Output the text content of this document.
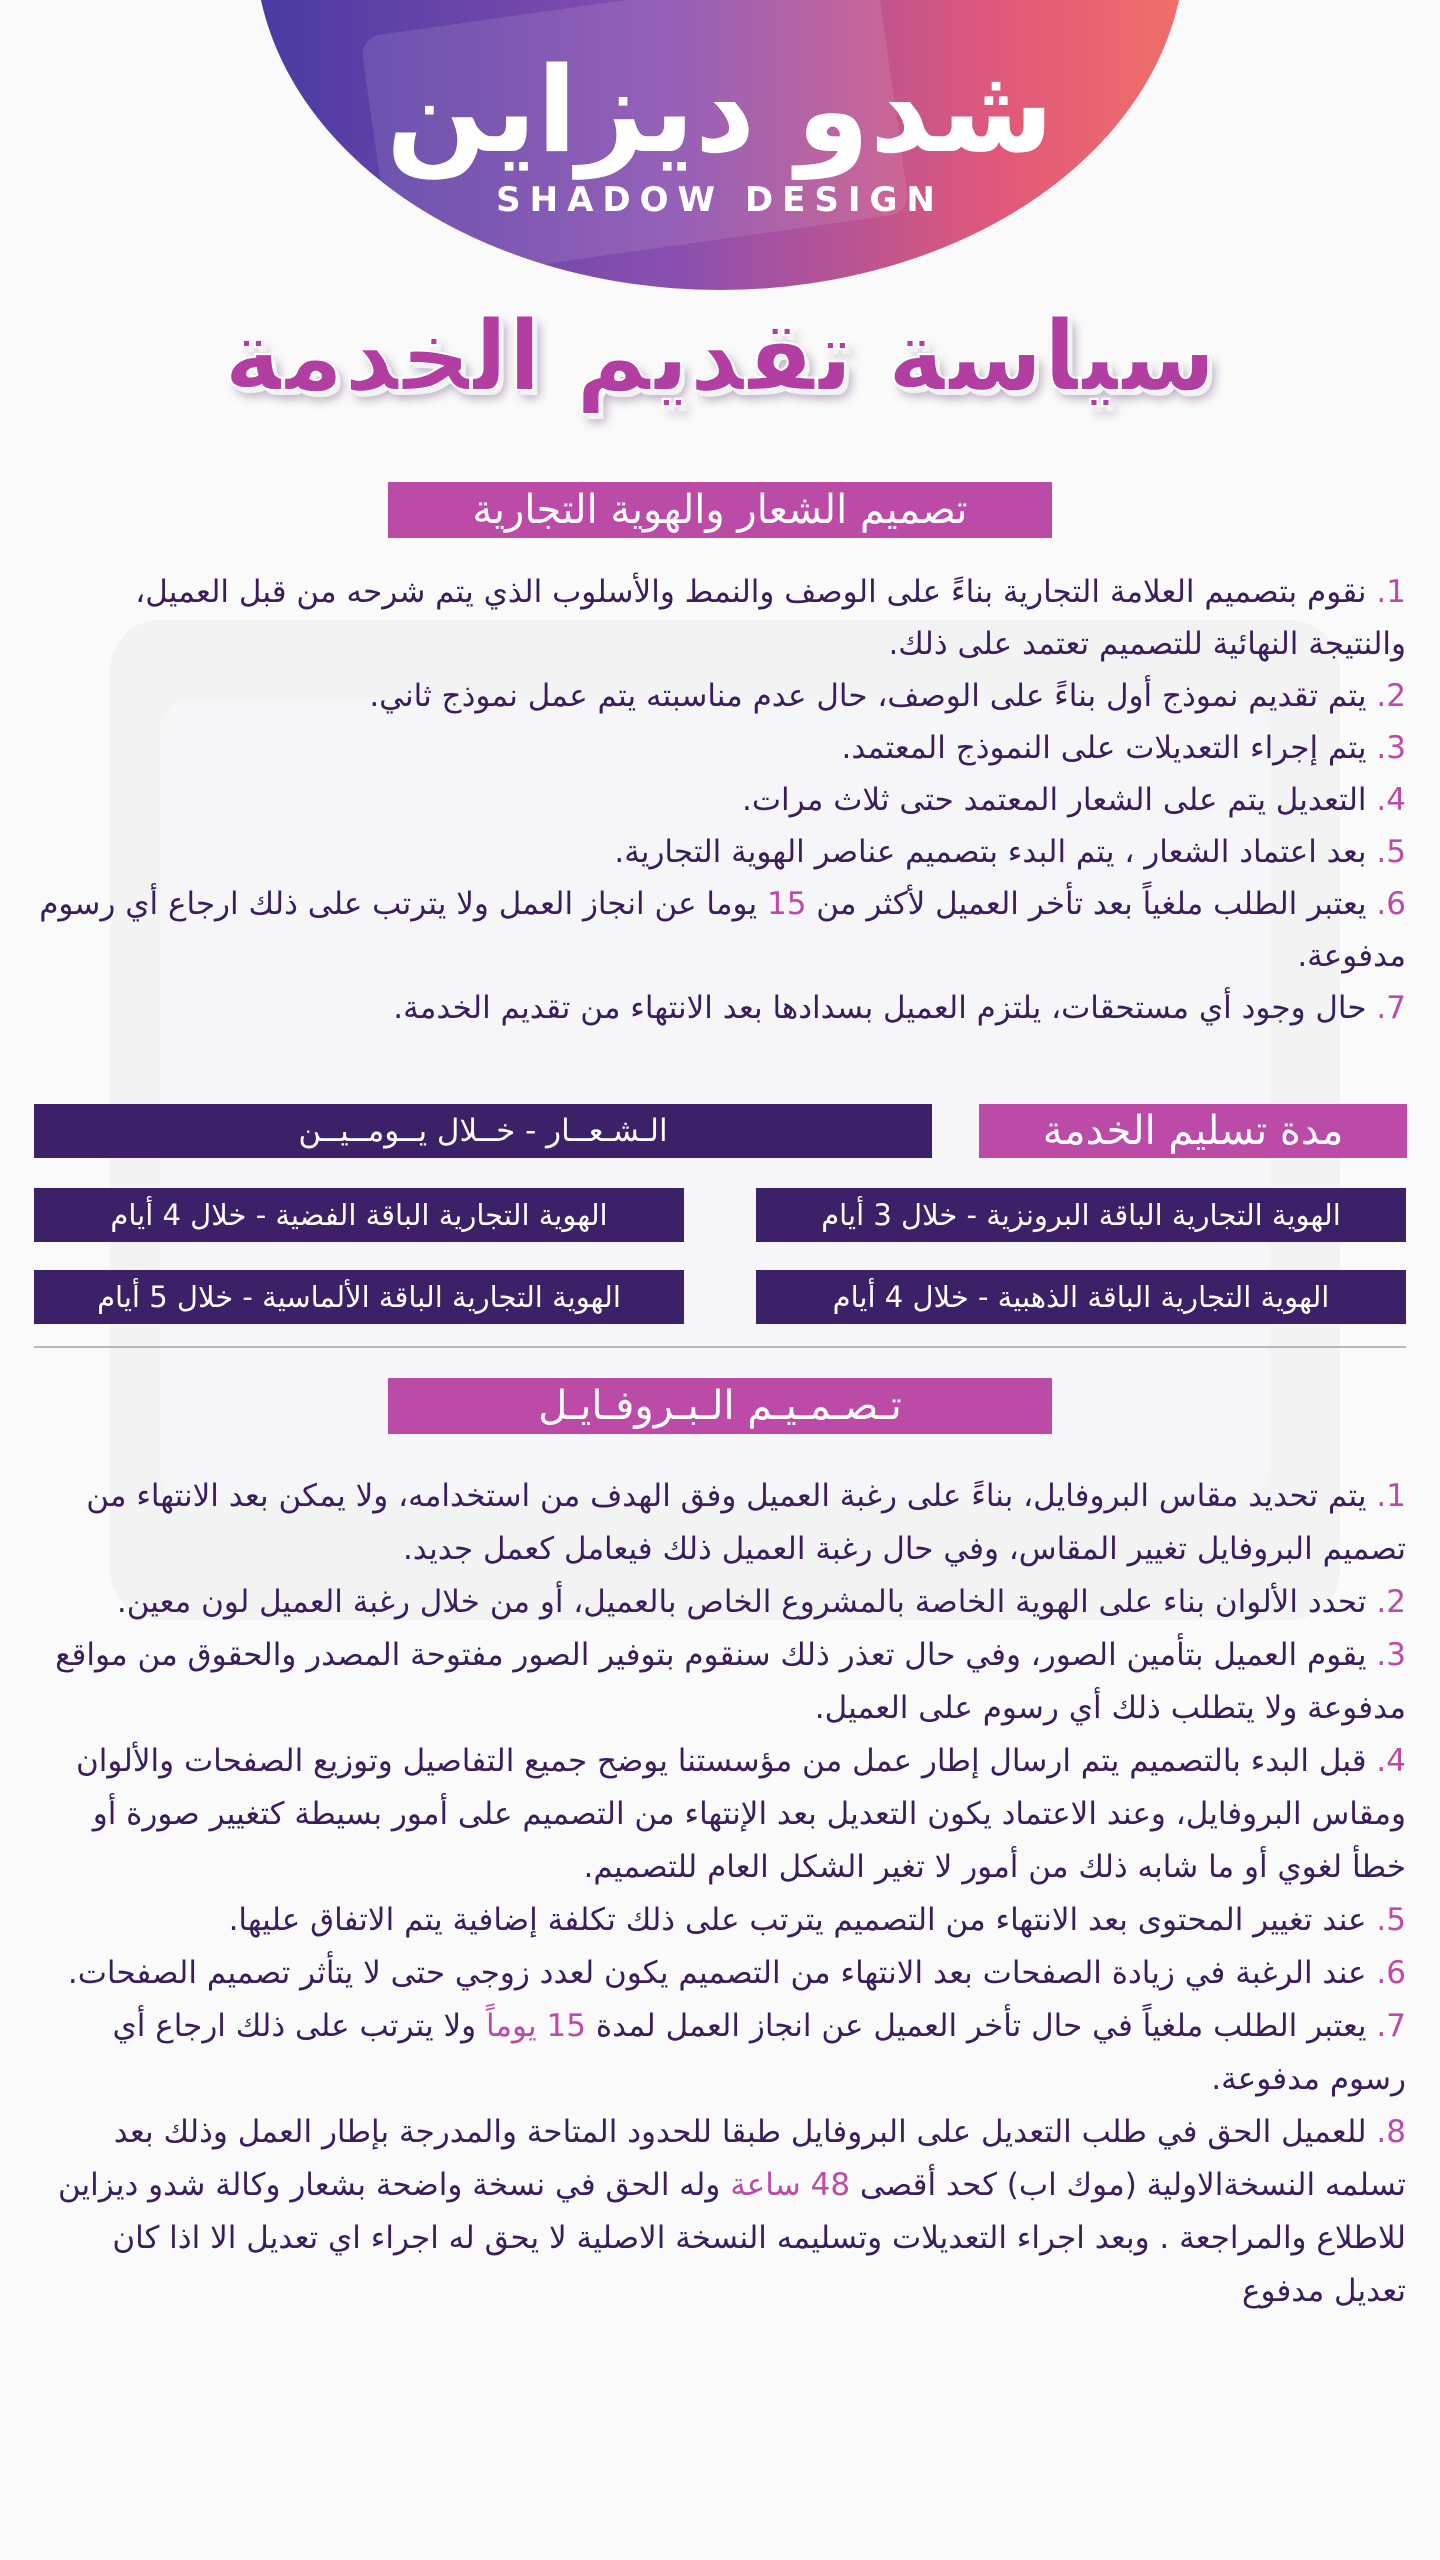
شدو ديزاين
SHADOW DESIGN
سياسة تقديم الخدمة
تصميم الشعار والهوية التجارية

1. نقوم بتصميم العلامة التجارية بناءً على الوصف والنمط والأسلوب الذي يتم شرحه من قبل العميل، والنتيجة النهائية للتصميم تعتمد على ذلك.

2. يتم تقديم نموذج أول بناءً على الوصف، حال عدم مناسبته يتم عمل نموذج ثاني.

3. يتم إجراء التعديلات على النموذج المعتمد.

4. التعديل يتم على الشعار المعتمد حتى ثلاث مرات.

5. بعد اعتماد الشعار ، يتم البدء بتصميم عناصر الهوية التجارية.

6. يعتبر الطلب ملغياً بعد تأخر العميل لأكثر من 15 يوما عن انجاز العمل ولا يترتب على ذلك ارجاع أي رسوم مدفوعة.

7. حال وجود أي مستحقات، يلتزم العميل بسدادها بعد الانتهاء من تقديم الخدمة.

مدة تسليم الخدمة
الـشـعــار - خــلال يــومــيــن
الهوية التجارية الباقة البرونزية - خلال 3 أيام
الهوية التجارية الباقة الفضية - خلال 4 أيام
الهوية التجارية الباقة الذهبية - خلال 4 أيام
الهوية التجارية الباقة الألماسية - خلال 5 أيام
تـصـمـيـم الـبـروفـايـل

1. يتم تحديد مقاس البروفايل، بناءً على رغبة العميل وفق الهدف من استخدامه، ولا يمكن بعد الانتهاء من تصميم البروفايل تغيير المقاس، وفي حال رغبة العميل ذلك فيعامل كعمل جديد.

2. تحدد الألوان بناء على الهوية الخاصة بالمشروع الخاص بالعميل، أو من خلال رغبة العميل لون معين.

3. يقوم العميل بتأمين الصور، وفي حال تعذر ذلك سنقوم بتوفير الصور مفتوحة المصدر والحقوق من مواقع مدفوعة ولا يتطلب ذلك أي رسوم على العميل.

4. قبل البدء بالتصميم يتم ارسال إطار عمل من مؤسستنا يوضح جميع التفاصيل وتوزيع الصفحات والألوان ومقاس البروفايل، وعند الاعتماد يكون التعديل بعد الإنتهاء من التصميم على أمور بسيطة كتغيير صورة أو خطأ لغوي أو ما شابه ذلك من أمور لا تغير الشكل العام للتصميم.

5. عند تغيير المحتوى بعد الانتهاء من التصميم يترتب على ذلك تكلفة إضافية يتم الاتفاق عليها.

6. عند الرغبة في زيادة الصفحات بعد الانتهاء من التصميم يكون لعدد زوجي حتى لا يتأثر تصميم الصفحات.

7. يعتبر الطلب ملغياً في حال تأخر العميل عن انجاز العمل لمدة 15 يوماً ولا يترتب على ذلك ارجاع أي رسوم مدفوعة.

8. للعميل الحق في طلب التعديل على البروفايل طبقا للحدود المتاحة والمدرجة بإطار العمل وذلك بعد تسلمه النسخةالاولية (موك اب) كحد أقصى 48 ساعة وله الحق في نسخة واضحة بشعار وكالة شدو ديزاين للاطلاع والمراجعة . وبعد اجراء التعديلات وتسليمه النسخة الاصلية لا يحق له اجراء اي تعديل الا اذا كان تعديل مدفوع
